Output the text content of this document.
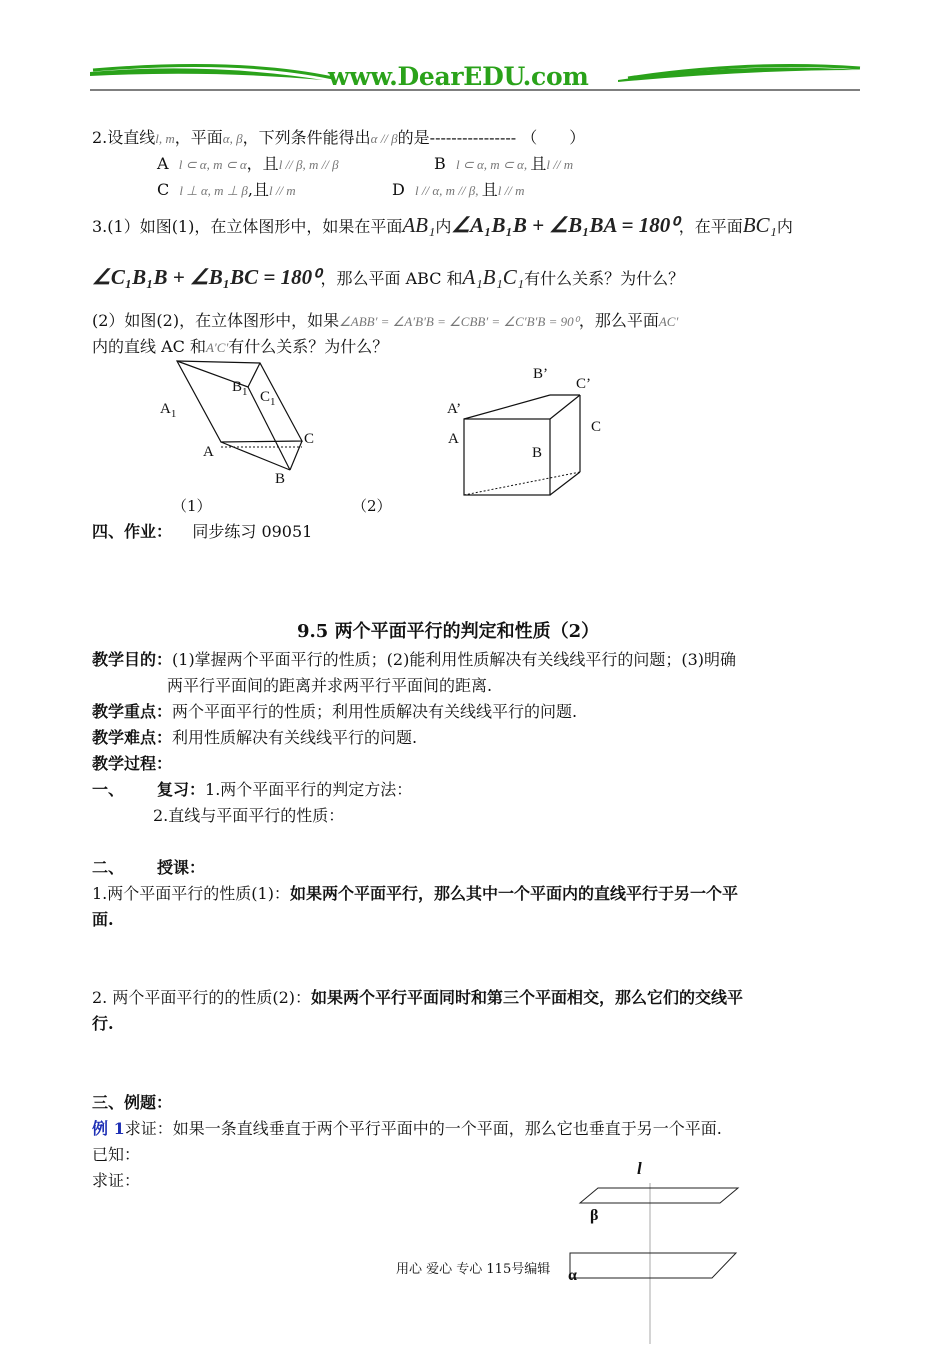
www.DearEDU.com
2.设直线l, m，平面α, β，下列条件能得出α // β的是---------------- （　　）
A l ⊂ α, m ⊂ α，且l // β, m // β	B l ⊂ α, m ⊂ α, 且l // m
C l ⊥ α, m ⊥ β,且l // m	D l // α, m // β, 且l // m
3.(1）如图(1)，在立体图形中，如果在平面AB₁内∠A₁B₁B + ∠B₁BA = 180⁰，在平面BC₁内
∠C₁B₁B + ∠B₁BC = 180⁰，那么平面 ABC 和A₁B₁C₁有什么关系？为什么？
(2）如图(2)，在立体图形中，如果∠ABB′ = ∠A′B′B = ∠CBB′ = ∠C′B′B = 90⁰，那么平面AC′
内的直线 AC 和A′C′有什么关系？为什么？
$A_1$
$B_1$ $C_1$
A
C
B
（1）
B’
C’
A’
A
C
B
（2）
四、作业： 同步练习 09051
9.5 两个平面平行的判定和性质（2）
教学目的：(1)掌握两个平面平行的性质；(2)能利用性质解决有关线线平行的问题；(3)明确
两平行平面间的距离并求两平行平面间的距离.
教学重点：两个平面平行的性质；利用性质解决有关线线平行的问题.
教学难点：利用性质解决有关线线平行的问题.
教学过程：
一、 复习：1.两个平面平行的判定方法：
2.直线与平面平行的性质：
二、 授课：
1.两个平面平行的性质(1)：如果两个平面平行，那么其中一个平面内的直线平行于另一个平
面.
2. 两个平面平行的的性质(2)：如果两个平行平面同时和第三个平面相交，那么它们的交线平
行.
三、例题：
例 1求证：如果一条直线垂直于两个平行平面中的一个平面，那么它也垂直于另一个平面.
已知：
求证：
l
β
α
用心 爱心 专心 115号编辑
